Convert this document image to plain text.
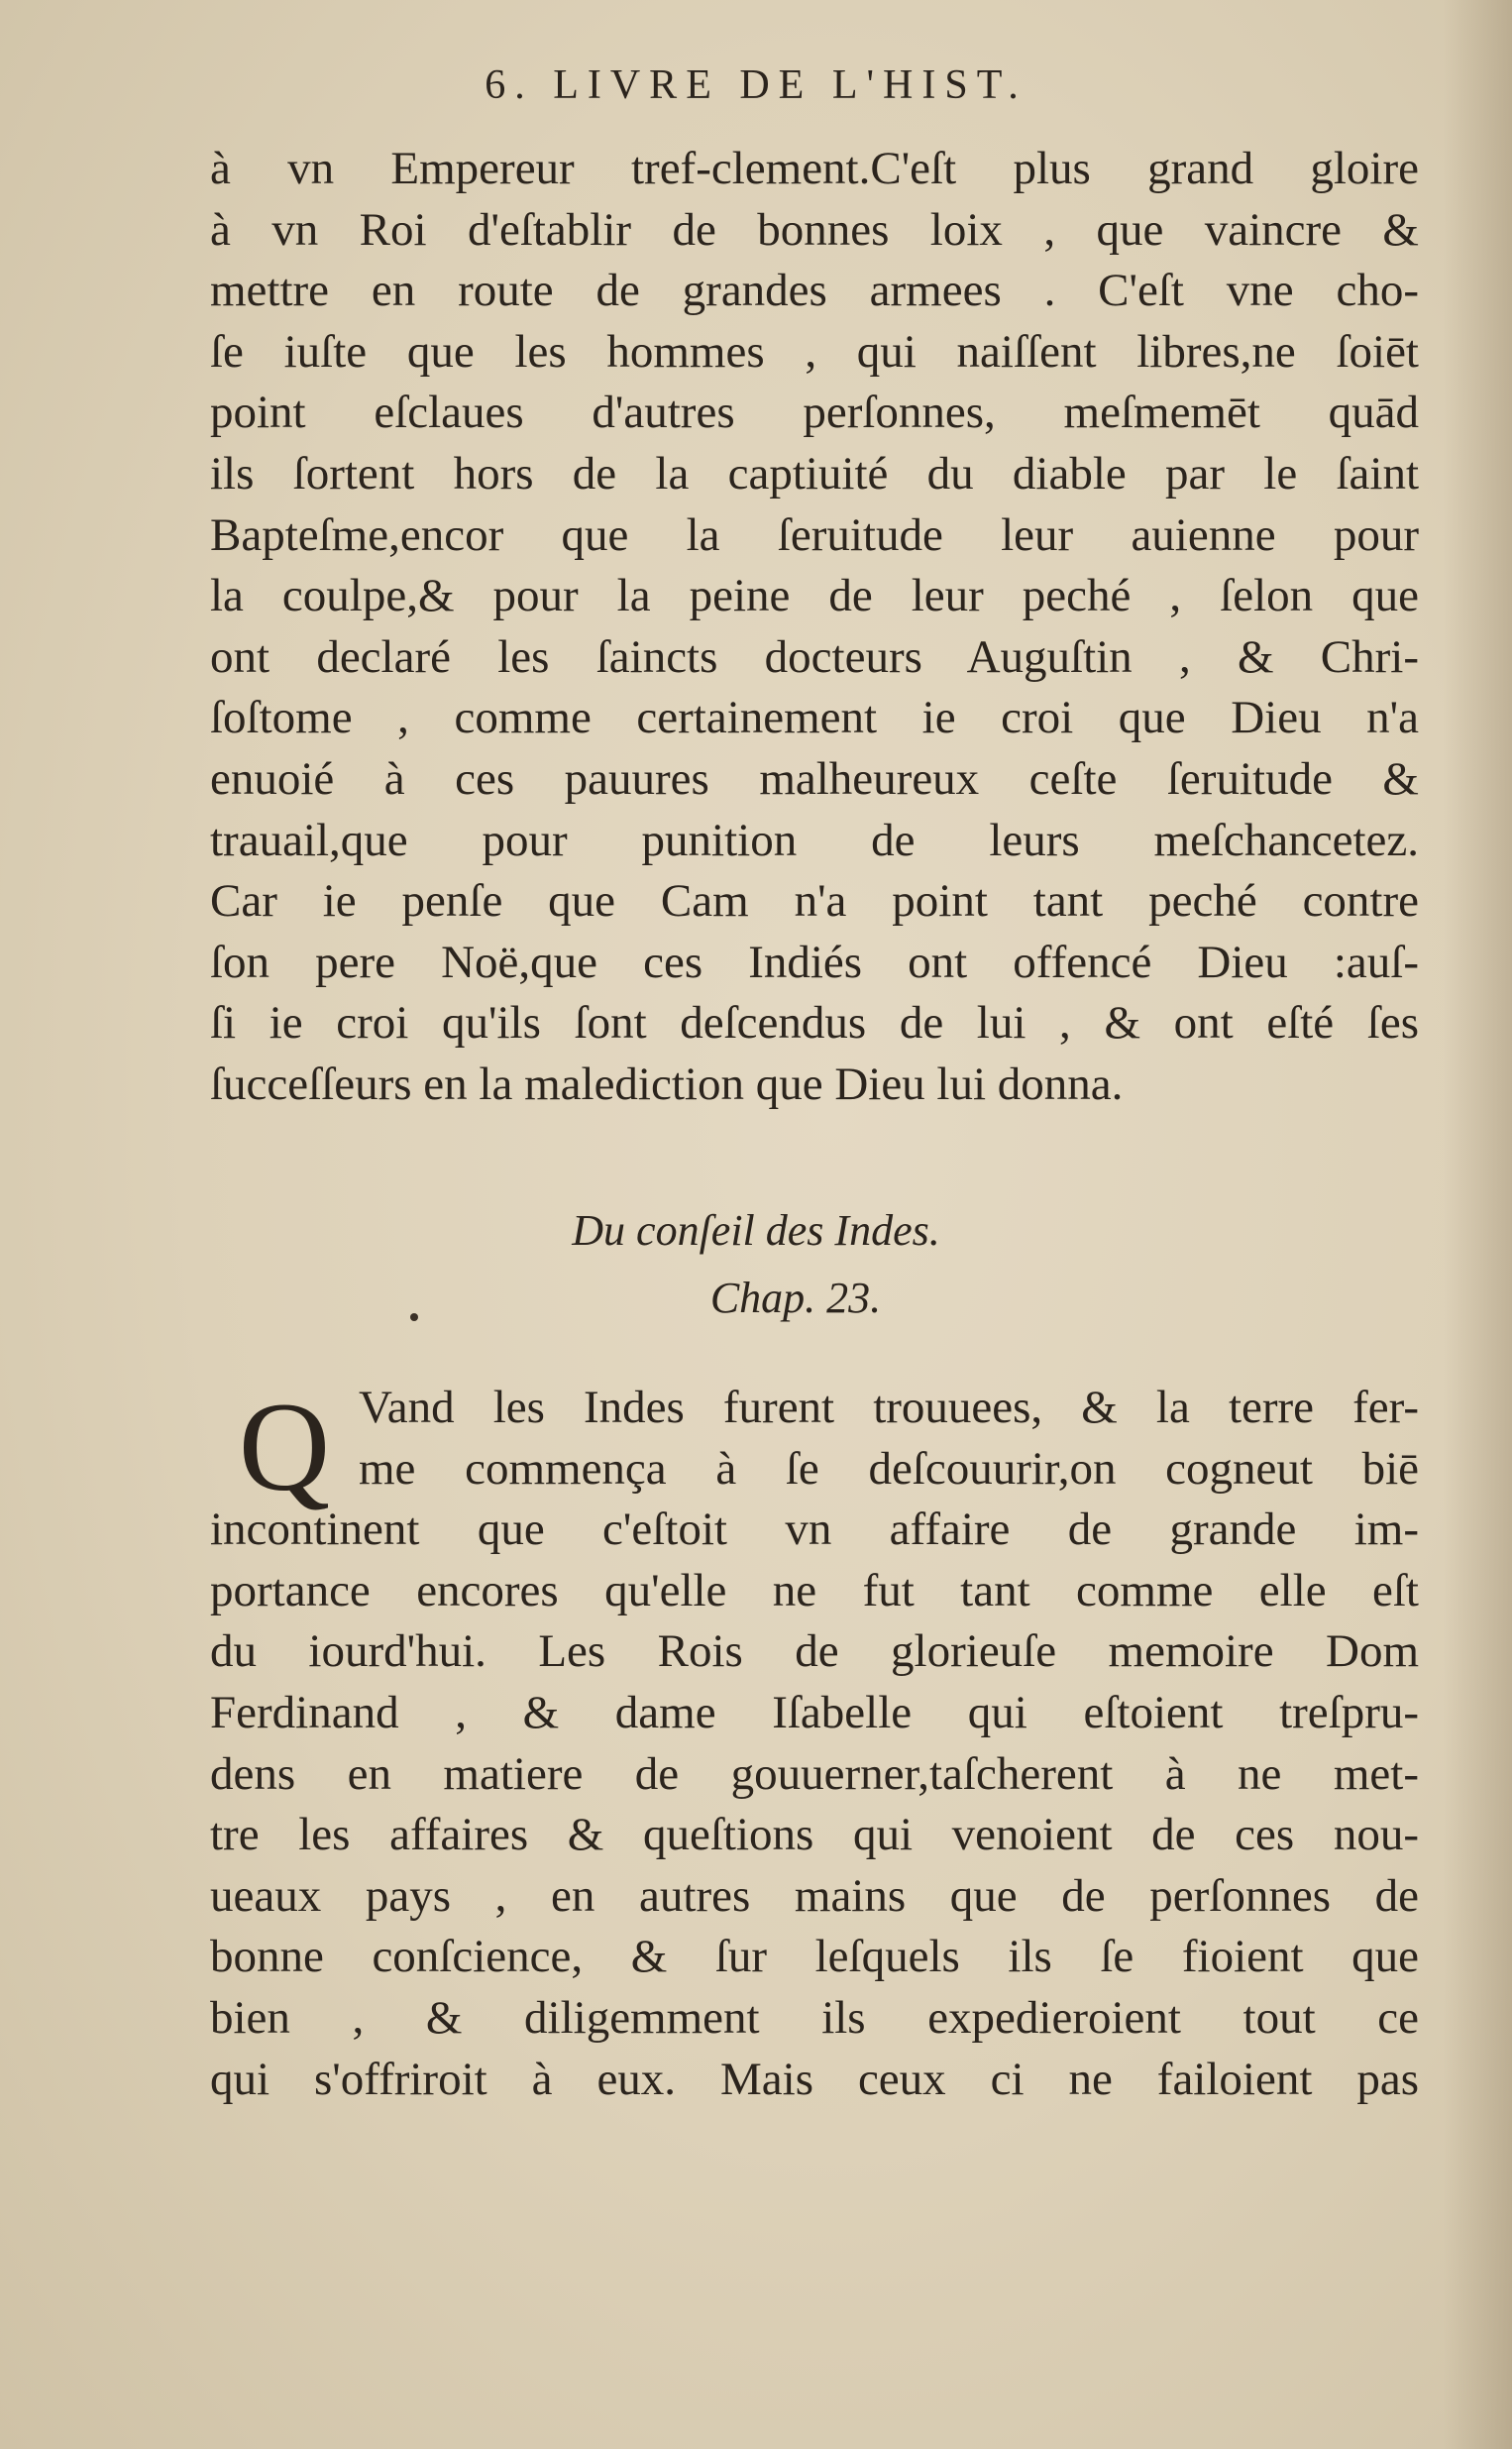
6. LIVRE DE L'HIST.
à vn Empereur tref-clement.C'eſt plus grand gloire
à vn Roi d'eſtablir de bonnes loix , que vaincre &
mettre en route de grandes armees . C'eſt vne cho-
ſe iuſte que les hommes , qui naiſſent libres,ne ſoiēt
point eſclaues d'autres perſonnes, meſmemēt quād
ils ſortent hors de la captiuité du diable par le ſaint
Bapteſme,encor que la ſeruitude leur auienne pour
la coulpe,& pour la peine de leur peché , ſelon que
ont declaré les ſaincts docteurs Auguſtin , & Chri-
ſoſtome , comme certainement ie croi que Dieu n'a
enuoié à ces pauures malheureux ceſte ſeruitude &
trauail,que pour punition de leurs meſchancetez.
Car ie penſe que Cam n'a point tant peché contre
ſon pere Noë,que ces Indiés ont offencé Dieu :auſ-
ſi ie croi qu'ils ſont deſcendus de lui , & ont eſté ſes
ſucceſſeurs en la malediction que Dieu lui donna.
Du conſeil des Indes.
Chap. 23.
Q Vand les Indes furent trouuees, & la terre fer-
me commença à ſe deſcouurir,on cogneut biē
incontinent que c'eſtoit vn affaire de grande im-
portance encores qu'elle ne fut tant comme elle eſt
du iourd'hui. Les Rois de glorieuſe memoire Dom
Ferdinand , & dame Iſabelle qui eſtoient treſpru-
dens en matiere de gouuerner,taſcherent à ne met-
tre les affaires & queſtions qui venoient de ces nou-
ueaux pays , en autres mains que de perſonnes de
bonne conſcience, & ſur leſquels ils ſe fioient que
bien , & diligemment ils expedieroient tout ce
qui s'offriroit à eux. Mais ceux ci ne failoient pas
